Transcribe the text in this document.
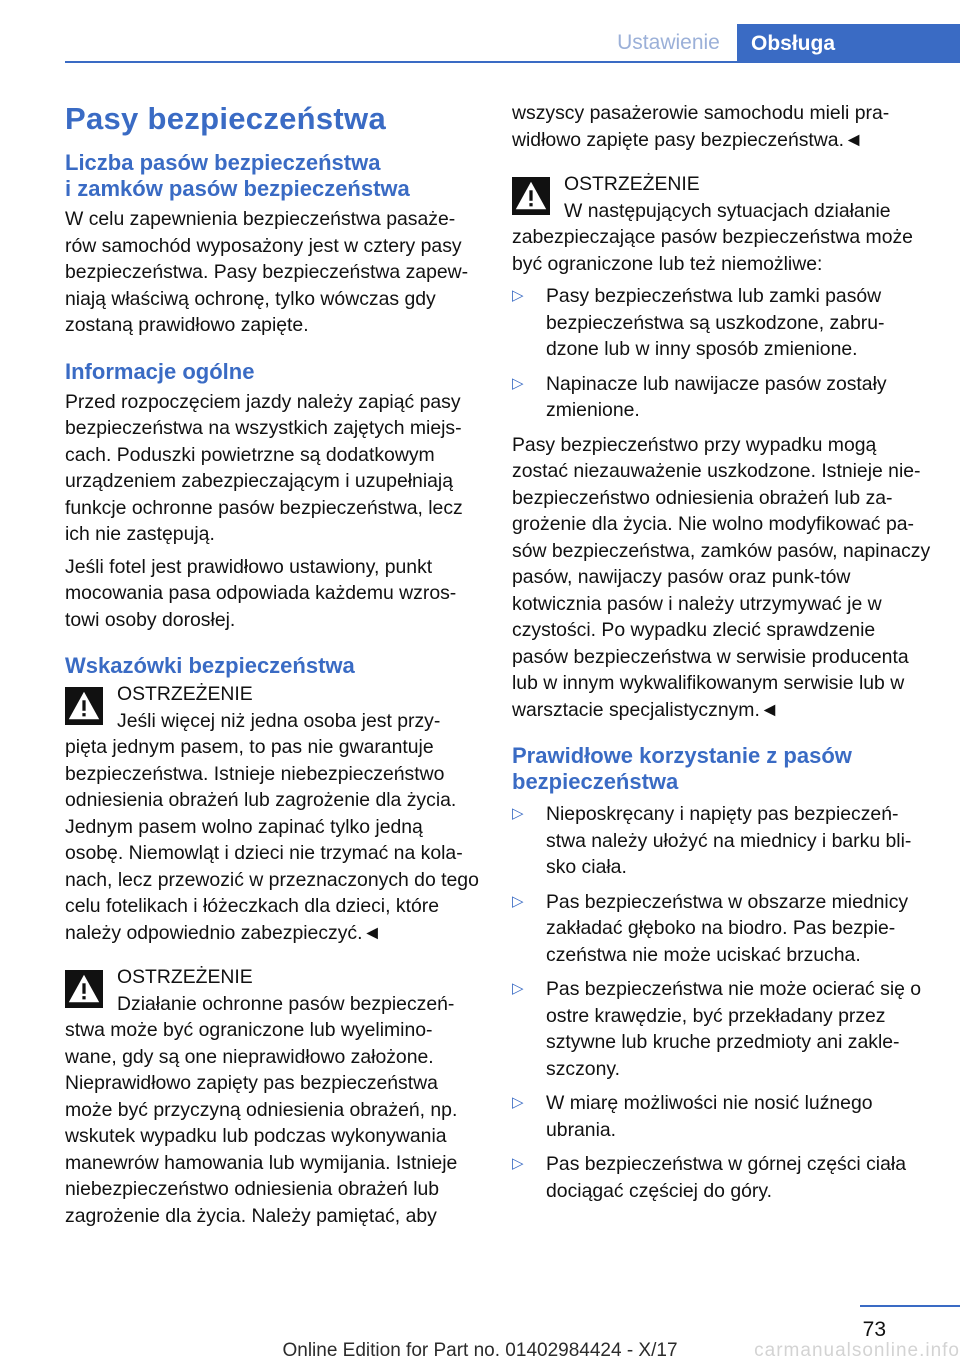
Ustawienie	Obsługa
Pasy bezpieczeństwa
Liczba pasów bezpieczeństwa
i zamków pasów bezpieczeństwa

W celu zapewnienia bezpieczeństwa pasaże-rów samochód wyposażony jest w cztery pasy bezpieczeństwa. Pasy bezpieczeństwa zapew-niają właściwą ochronę, tylko wówczas gdy zostaną prawidłowo zapięte.

Informacje ogólne

Przed rozpoczęciem jazdy należy zapiąć pasy bezpieczeństwa na wszystkich zajętych miejs-cach. Poduszki powietrzne są dodatkowym urządzeniem zabezpieczającym i uzupełniają funkcje ochronne pasów bezpieczeństwa, lecz ich nie zastępują.

Jeśli fotel jest prawidłowo ustawiony, punkt mocowania pasa odpowiada każdemu wzros-towi osoby dorosłej.

Wskazówki bezpieczeństwa
OSTRZEŻENIE
Jeśli więcej niż jedna osoba jest przy-
pięta jednym pasem, to pas nie gwarantuje bezpieczeństwa. Istnieje niebezpieczeństwo odniesienia obrażeń lub zagrożenie dla życia. Jednym pasem wolno zapinać tylko jedną osobę. Niemowląt i dzieci nie trzymać na kola-nach, lecz przewozić w przeznaczonych do tego celu fotelikach i łóżeczkach dla dzieci, które należy odpowiednio zabezpieczyć.◄
OSTRZEŻENIE
Działanie ochronne pasów bezpieczeń-
stwa może być ograniczone lub wyelimino-wane, gdy są one nieprawidłowo założone. Nieprawidłowo zapięty pas bezpieczeństwa może być przyczyną odniesienia obrażeń, np. wskutek wypadku lub podczas wykonywania manewrów hamowania lub wymijania. Istnieje niebezpieczeństwo odniesienia obrażeń lub zagrożenie dla życia. Należy pamiętać, aby

wszyscy pasażerowie samochodu mieli pra-widłowo zapięte pasy bezpieczeństwa.◄

OSTRZEŻENIE
W następujących sytuacjach działanie
zabezpieczające pasów bezpieczeństwa może być ograniczone lub też niemożliwe:
▷	Pasy bezpieczeństwa lub zamki pasów bezpieczeństwa są uszkodzone, zabru-dzone lub w inny sposób zmienione.
▷	Napinacze lub nawijacze pasów zostały zmienione.

Pasy bezpieczeństwo przy wypadku mogą zostać niezauważenie uszkodzone. Istnieje nie-bezpieczeństwo odniesienia obrażeń lub za-grożenie dla życia. Nie wolno modyfikować pa-sów bezpieczeństwa, zamków pasów, napinaczy pasów, nawijaczy pasów oraz punk-tów kotwicznia pasów i należy utrzymywać je w czystości. Po wypadku zlecić sprawdzenie pasów bezpieczeństwa w serwisie producenta lub w innym wykwalifikowanym serwisie lub w warsztacie specjalistycznym.◄

Prawidłowe korzystanie z pasów bezpieczeństwa
▷	Nieposkręcany i napięty pas bezpieczeń-stwa należy ułożyć na miednicy i barku bli-sko ciała.
▷	Pas bezpieczeństwa w obszarze miednicy zakładać głęboko na biodro. Pas bezpie-czeństwa nie może uciskać brzucha.
▷	Pas bezpieczeństwa nie może ocierać się o ostre krawędzie, być przekładany przez sztywne lub kruche przedmioty ani zakle-szczony.
▷	W miarę możliwości nie nosić luźnego ubrania.
▷	Pas bezpieczeństwa w górnej części ciała dociągać częściej do góry.
73
Online Edition for Part no. 01402984424 - X/17	carmanualsonline.info
